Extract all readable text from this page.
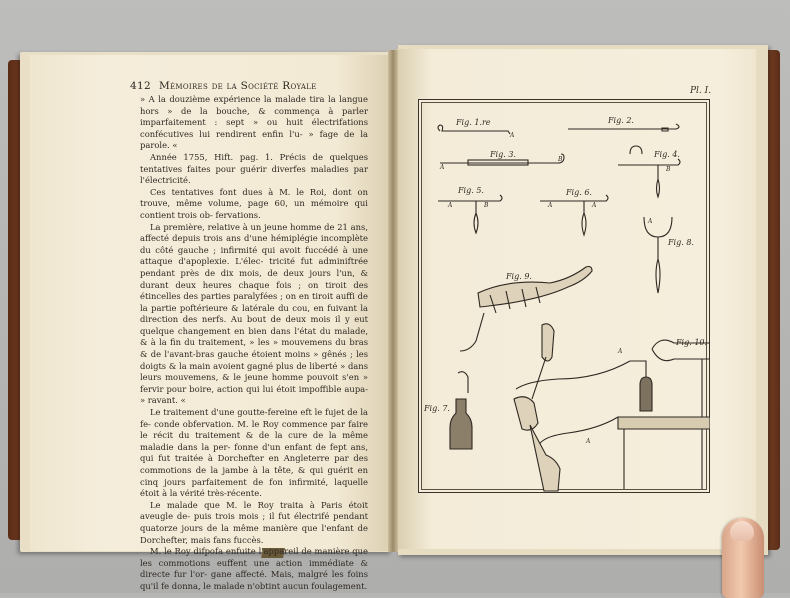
412 Mémoires de la Société Royale

» A la douzième expérience la malade tira la langue hors » de la bouche, & commença à parler imparfaitement : sept » ou huit électrifations confécutives lui rendirent enfin l'u- » fage de la parole. «

Année 1755, Hift. pag. 1. Précis de quelques tentatives faites pour guérir diverfes maladies par l'électricité.

Ces tentatives font dues à M. le Roi, dont on trouve, même volume, page 60, un mémoire qui contient trois ob- fervations.

La première, relative à un jeune homme de 21 ans, affecté depuis trois ans d'une hémiplégie incomplète du côté gauche ; infirmité qui avoit fuccédé à une attaque d'apoplexie. L'élec- tricité fut adminiftrée pendant près de dix mois, de deux jours l'un, & durant deux heures chaque fois ; on tiroit des étincelles des parties paralyfées ; on en tiroit auffi de la partie poftérieure & latérale du cou, en fuivant la direction des nerfs. Au bout de deux mois il y eut quelque changement en bien dans l'état du malade, & à la fin du traitement, » les » mouvemens du bras & de l'avant-bras gauche étoient moins » gênés ; les doigts & la main avoient gagné plus de liberté » dans leurs mouvemens, & le jeune homme pouvoit s'en » fervir pour boire, action qui lui étoit impoffible aupa- » ravant. «

Le traitement d'une goutte-fereine eft le fujet de la fe- conde obfervation. M. le Roy commence par faire le récit du traitement & de la cure de la même maladie dans la per- fonne d'un enfant de fept ans, qui fut traitée à Dorchefter en Angleterre par des commotions de la jambe à la tête, & qui guérit en cinq jours parfaitement de fon infirmité, laquelle étoit à la vérité très-récente.

Le malade que M. le Roy traita à Paris étoit aveugle de- puis trois mois ; il fut électrifé pendant quatorze jours de la même manière que l'enfant de Dorchefter, mais fans fuccès.

M. le Roy difpofa enfuite l'appareil de manière que les commotions euffent une action immédiate & directe fur l'or- gane affecté. Mais, malgré les foins qu'il fe donna, le malade n'obtint aucun foulagement.

Pl. I.
Fig. 1.re	Fig. 2.
Fig. 3.	Fig. 4.
Fig. 5.	Fig. 6.
Fig. 7.
Fig. 8.
Fig. 9.
Fig. 10.
A
B
A	B
A	B	A	A
A
A
A
